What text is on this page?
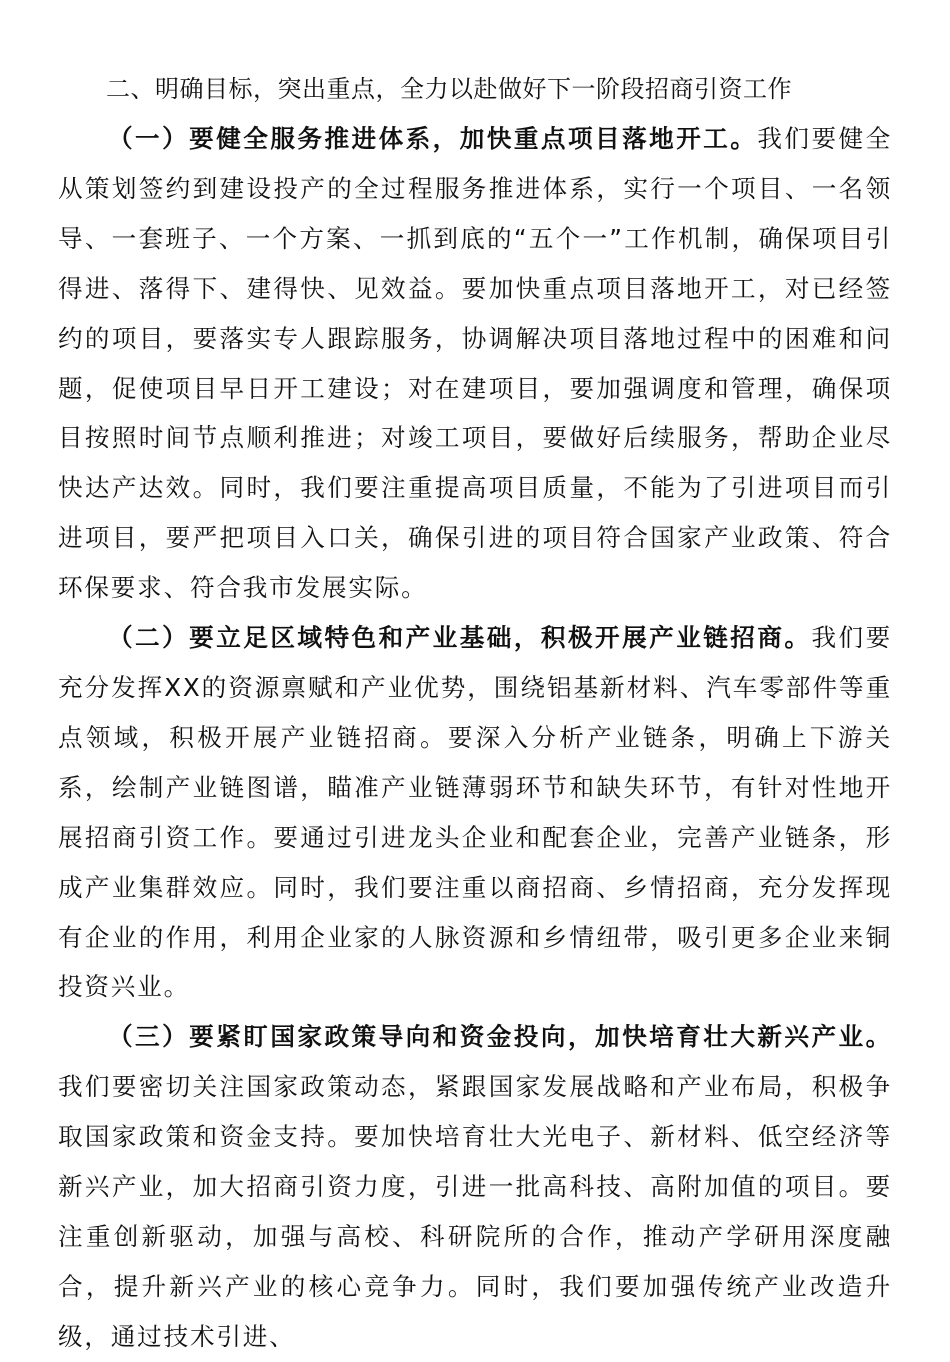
二、明确目标，突出重点，全力以赴做好下一阶段招商引资工作

（一）要健全服务推进体系，加快重点项目落地开工。我们要健全从策划签约到建设投产的全过程服务推进体系，实行一个项目、一名领导、一套班子、一个方案、一抓到底的“五个一”工作机制，确保项目引得进、落得下、建得快、见效益。要加快重点项目落地开工，对已经签约的项目，要落实专人跟踪服务，协调解决项目落地过程中的困难和问题，促使项目早日开工建设；对在建项目，要加强调度和管理，确保项目按照时间节点顺利推进；对竣工项目，要做好后续服务，帮助企业尽快达产达效。同时，我们要注重提高项目质量，不能为了引进项目而引进项目，要严把项目入口关，确保引进的项目符合国家产业政策、符合环保要求、符合我市发展实际。

（二）要立足区域特色和产业基础，积极开展产业链招商。我们要充分发挥XX的资源禀赋和产业优势，围绕铝基新材料、汽车零部件等重点领域，积极开展产业链招商。要深入分析产业链条，明确上下游关系，绘制产业链图谱，瞄准产业链薄弱环节和缺失环节，有针对性地开展招商引资工作。要通过引进龙头企业和配套企业，完善产业链条，形成产业集群效应。同时，我们要注重以商招商、乡情招商，充分发挥现有企业的作用，利用企业家的人脉资源和乡情纽带，吸引更多企业来铜投资兴业。

（三）要紧盯国家政策导向和资金投向，加快培育壮大新兴产业。我们要密切关注国家政策动态，紧跟国家发展战略和产业布局，积极争取国家政策和资金支持。要加快培育壮大光电子、新材料、低空经济等新兴产业，加大招商引资力度，引进一批高科技、高附加值的项目。要注重创新驱动，加强与高校、科研院所的合作，推动产学研用深度融合，提升新兴产业的核心竞争力。同时，我们要加强传统产业改造升级，通过技术引进、
